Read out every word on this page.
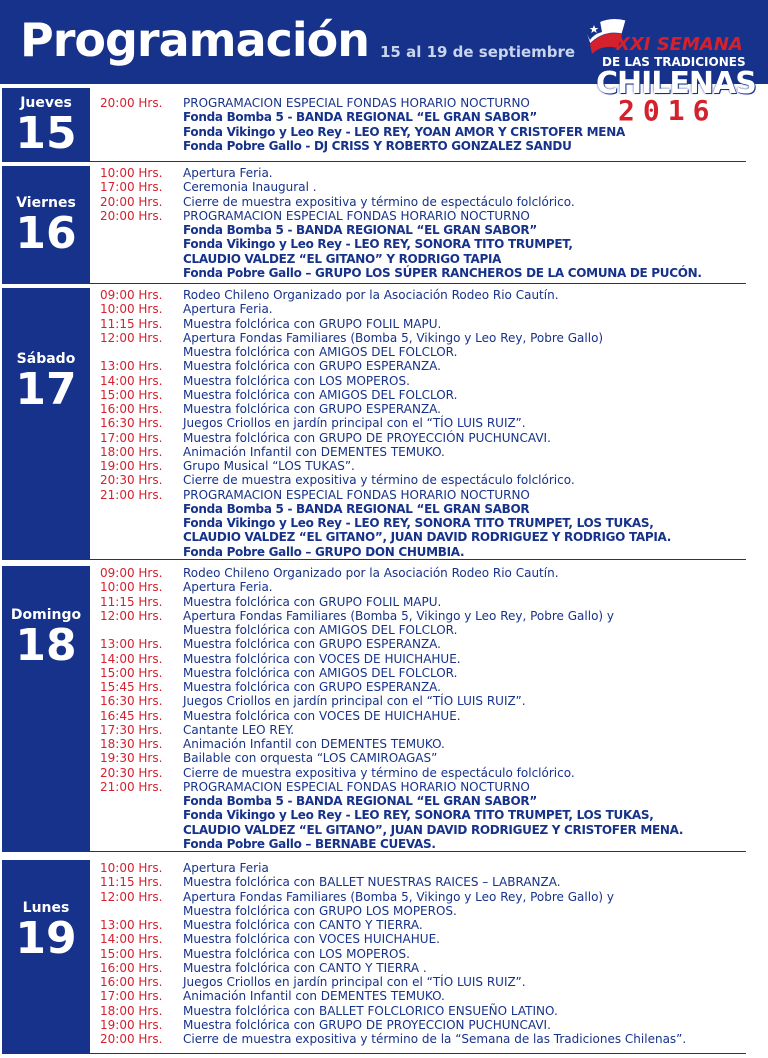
Programación 15 al 19 de septiembre XXI SEMANA
DE LAS TRADICIONES
CHILENAS
2016
Jueves
15
20:00 Hrs.	PROGRAMACION ESPECIAL FONDAS HORARIO NOCTURNO
Fonda Bomba 5 - BANDA REGIONAL “EL GRAN SABOR”
Fonda Vikingo y Leo Rey - LEO REY, YOAN AMOR Y CRISTOFER MENA
Fonda Pobre Gallo - DJ CRISS Y ROBERTO GONZALEZ SANDU
Viernes
16
10:00 Hrs.	Apertura Feria.
17:00 Hrs.	Ceremonia Inaugural .
20:00 Hrs.	Cierre de muestra expositiva y término de espectáculo folclórico.
20:00 Hrs.	PROGRAMACION ESPECIAL FONDAS HORARIO NOCTURNO
Fonda Bomba 5 - BANDA REGIONAL “EL GRAN SABOR”
Fonda Vikingo y Leo Rey - LEO REY, SONORA TITO TRUMPET,
CLAUDIO VALDEZ “EL GITANO” Y RODRIGO TAPIA
Fonda Pobre Gallo – GRUPO LOS SÚPER RANCHEROS DE LA COMUNA DE PUCÓN.
Sábado
17
09:00 Hrs.	Rodeo Chileno Organizado por la Asociación Rodeo Rio Cautín.
10:00 Hrs.	Apertura Feria.
11:15 Hrs.	Muestra folclórica con GRUPO FOLIL MAPU.
12:00 Hrs.	Apertura Fondas Familiares (Bomba 5, Vikingo y Leo Rey, Pobre Gallo)
Muestra folclórica con AMIGOS DEL FOLCLOR.
13:00 Hrs.	Muestra folclórica con GRUPO ESPERANZA.
14:00 Hrs.	Muestra folclórica con LOS MOPEROS.
15:00 Hrs.	Muestra folclórica con AMIGOS DEL FOLCLOR.
16:00 Hrs.	Muestra folclórica con GRUPO ESPERANZA.
16:30 Hrs.	Juegos Criollos en jardín principal con el “TÍO LUIS RUIZ”.
17:00 Hrs.	Muestra folclórica con GRUPO DE PROYECCIÓN PUCHUNCAVI.
18:00 Hrs.	Animación Infantil con DEMENTES TEMUKO.
19:00 Hrs.	Grupo Musical “LOS TUKAS”.
20:30 Hrs.	Cierre de muestra expositiva y término de espectáculo folclórico.
21:00 Hrs.	PROGRAMACION ESPECIAL FONDAS HORARIO NOCTURNO
Fonda Bomba 5 - BANDA REGIONAL “EL GRAN SABOR
Fonda Vikingo y Leo Rey - LEO REY, SONORA TITO TRUMPET, LOS TUKAS,
CLAUDIO VALDEZ “EL GITANO”, JUAN DAVID RODRIGUEZ Y RODRIGO TAPIA.
Fonda Pobre Gallo – GRUPO DON CHUMBIA.
Domingo
18
09:00 Hrs.	Rodeo Chileno Organizado por la Asociación Rodeo Rio Cautín.
10:00 Hrs.	Apertura Feria.
11:15 Hrs.	Muestra folclórica con GRUPO FOLIL MAPU.
12:00 Hrs.	Apertura Fondas Familiares (Bomba 5, Vikingo y Leo Rey, Pobre Gallo) y
Muestra folclórica con AMIGOS DEL FOLCLOR.
13:00 Hrs.	Muestra folclórica con GRUPO ESPERANZA.
14:00 Hrs.	Muestra folclórica con VOCES DE HUICHAHUE.
15:00 Hrs.	Muestra folclórica con AMIGOS DEL FOLCLOR.
15:45 Hrs.	Muestra folclórica con GRUPO ESPERANZA.
16:30 Hrs.	Juegos Criollos en jardín principal con el “TÍO LUIS RUIZ”.
16:45 Hrs.	Muestra folclórica con VOCES DE HUICHAHUE.
17:30 Hrs.	Cantante LEO REY.
18:30 Hrs.	Animación Infantil con DEMENTES TEMUKO.
19:30 Hrs.	Bailable con orquesta “LOS CAMIROAGAS”
20:30 Hrs.	Cierre de muestra expositiva y término de espectáculo folclórico.
21:00 Hrs.	PROGRAMACION ESPECIAL FONDAS HORARIO NOCTURNO
Fonda Bomba 5 - BANDA REGIONAL “EL GRAN SABOR”
Fonda Vikingo y Leo Rey - LEO REY, SONORA TITO TRUMPET, LOS TUKAS,
CLAUDIO VALDEZ “EL GITANO”, JUAN DAVID RODRIGUEZ Y CRISTOFER MENA.
Fonda Pobre Gallo – BERNABE CUEVAS.
Lunes
19
10:00 Hrs.	Apertura Feria
11:15 Hrs.	Muestra folclórica con BALLET NUESTRAS RAICES – LABRANZA.
12:00 Hrs.	Apertura Fondas Familiares (Bomba 5, Vikingo y Leo Rey, Pobre Gallo) y
Muestra folclórica con GRUPO LOS MOPEROS.
13:00 Hrs.	Muestra folclórica con CANTO Y TIERRA.
14:00 Hrs.	Muestra folclórica con VOCES HUICHAHUE.
15:00 Hrs.	Muestra folclórica con LOS MOPEROS.
16:00 Hrs.	Muestra folclórica con CANTO Y TIERRA .
16:00 Hrs.	Juegos Criollos en jardín principal con el “TÍO LUIS RUIZ”.
17:00 Hrs.	Animación Infantil con DEMENTES TEMUKO.
18:00 Hrs.	Muestra folclórica con BALLET FOLCLORICO ENSUEÑO LATINO.
19:00 Hrs.	Muestra folclórica con GRUPO DE PROYECCION PUCHUNCAVI.
20:00 Hrs.	Cierre de muestra expositiva y término de la “Semana de las Tradiciones Chilenas”.
